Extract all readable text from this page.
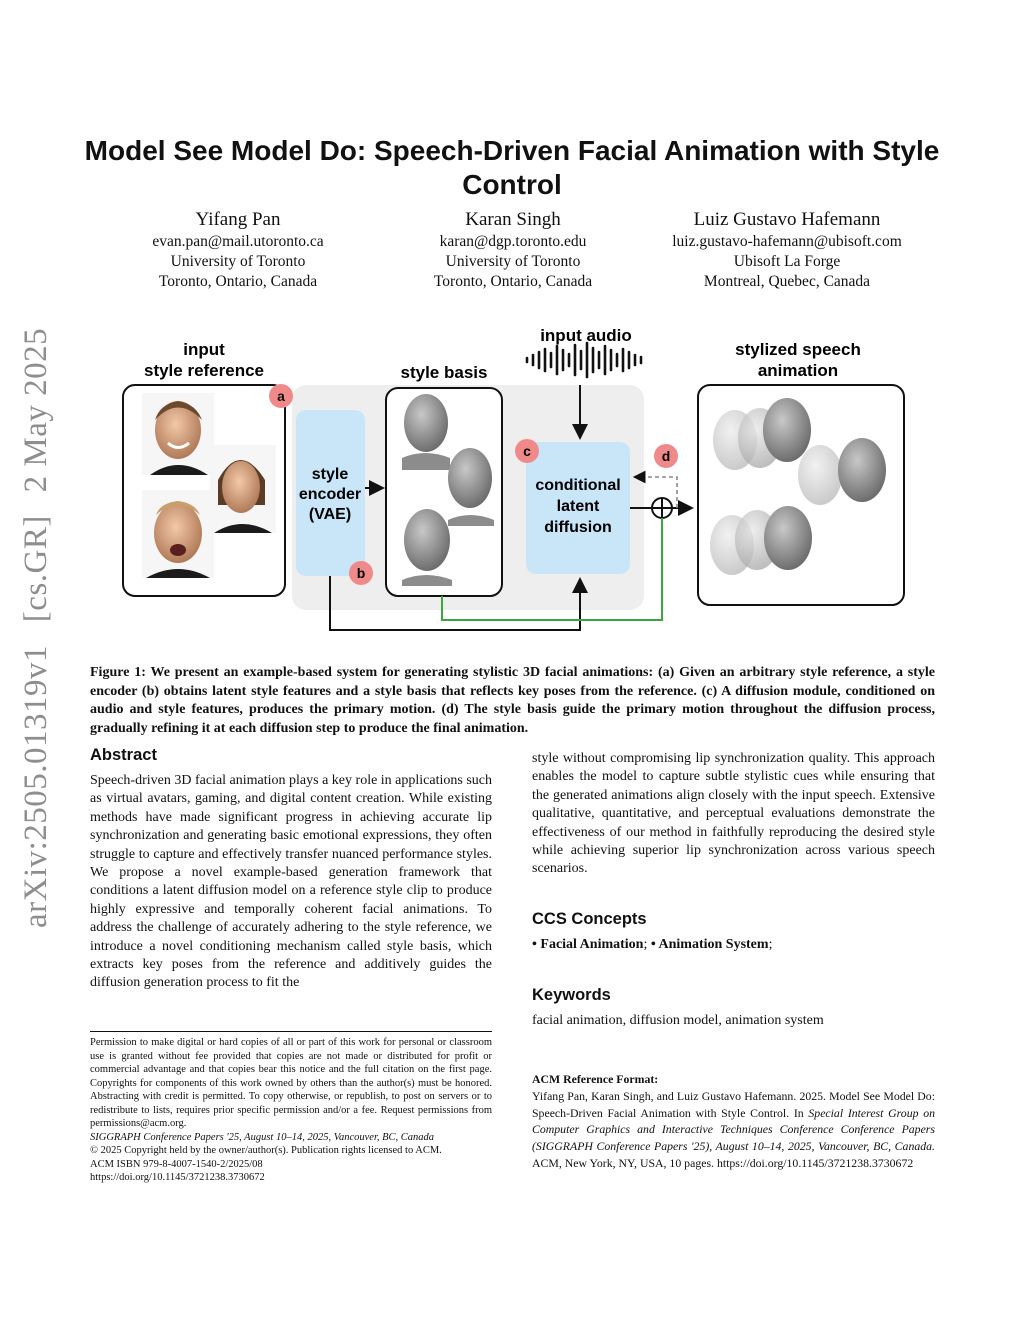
arXiv:2505.01319v1 [cs.GR] 2 May 2025
Model See Model Do: Speech-Driven Facial Animation with Style Control
Yifang Pan
evan.pan@mail.utoronto.ca
University of Toronto
Toronto, Ontario, Canada
Karan Singh
karan@dgp.toronto.edu
University of Toronto
Toronto, Ontario, Canada
Luiz Gustavo Hafemann
luiz.gustavo-hafemann@ubisoft.com
Ubisoft La Forge
Montreal, Quebec, Canada
input
style reference
a
style
encoder
(VAE)
b
style basis
input audio
conditional
latent
diffusion
c	d
stylized speech
animation
Figure 1: We present an example-based system for generating stylistic 3D facial animations: (a) Given an arbitrary style reference, a style encoder (b) obtains latent style features and a style basis that reflects key poses from the reference. (c) A diffusion module, conditioned on audio and style features, produces the primary motion. (d) The style basis guide the primary motion throughout the diffusion process, gradually refining it at each diffusion step to produce the final animation.
Abstract
Speech-driven 3D facial animation plays a key role in applications such as virtual avatars, gaming, and digital content creation. While existing methods have made significant progress in achieving accurate lip synchronization and generating basic emotional expressions, they often struggle to capture and effectively transfer nuanced performance styles. We propose a novel example-based generation framework that conditions a latent diffusion model on a reference style clip to produce highly expressive and temporally coherent facial animations. To address the challenge of accurately adhering to the style reference, we introduce a novel conditioning mechanism called style basis, which extracts key poses from the reference and additively guides the diffusion generation process to fit the
style without compromising lip synchronization quality. This approach enables the model to capture subtle stylistic cues while ensuring that the generated animations align closely with the input speech. Extensive qualitative, quantitative, and perceptual evaluations demonstrate the effectiveness of our method in faithfully reproducing the desired style while achieving superior lip synchronization across various speech scenarios.
CCS Concepts
• Facial Animation; • Animation System;
Keywords
facial animation, diffusion model, animation system
Permission to make digital or hard copies of all or part of this work for personal or classroom use is granted without fee provided that copies are not made or distributed for profit or commercial advantage and that copies bear this notice and the full citation on the first page. Copyrights for components of this work owned by others than the author(s) must be honored. Abstracting with credit is permitted. To copy otherwise, or republish, to post on servers or to redistribute to lists, requires prior specific permission and/or a fee. Request permissions from permissions@acm.org.
SIGGRAPH Conference Papers '25, August 10–14, 2025, Vancouver, BC, Canada
© 2025 Copyright held by the owner/author(s). Publication rights licensed to ACM.
ACM ISBN 979-8-4007-1540-2/2025/08
https://doi.org/10.1145/3721238.3730672
ACM Reference Format:
Yifang Pan, Karan Singh, and Luiz Gustavo Hafemann. 2025. Model See Model Do: Speech-Driven Facial Animation with Style Control. In Special Interest Group on Computer Graphics and Interactive Techniques Conference Conference Papers (SIGGRAPH Conference Papers '25), August 10–14, 2025, Vancouver, BC, Canada. ACM, New York, NY, USA, 10 pages. https://doi.org/10.1145/3721238.3730672
